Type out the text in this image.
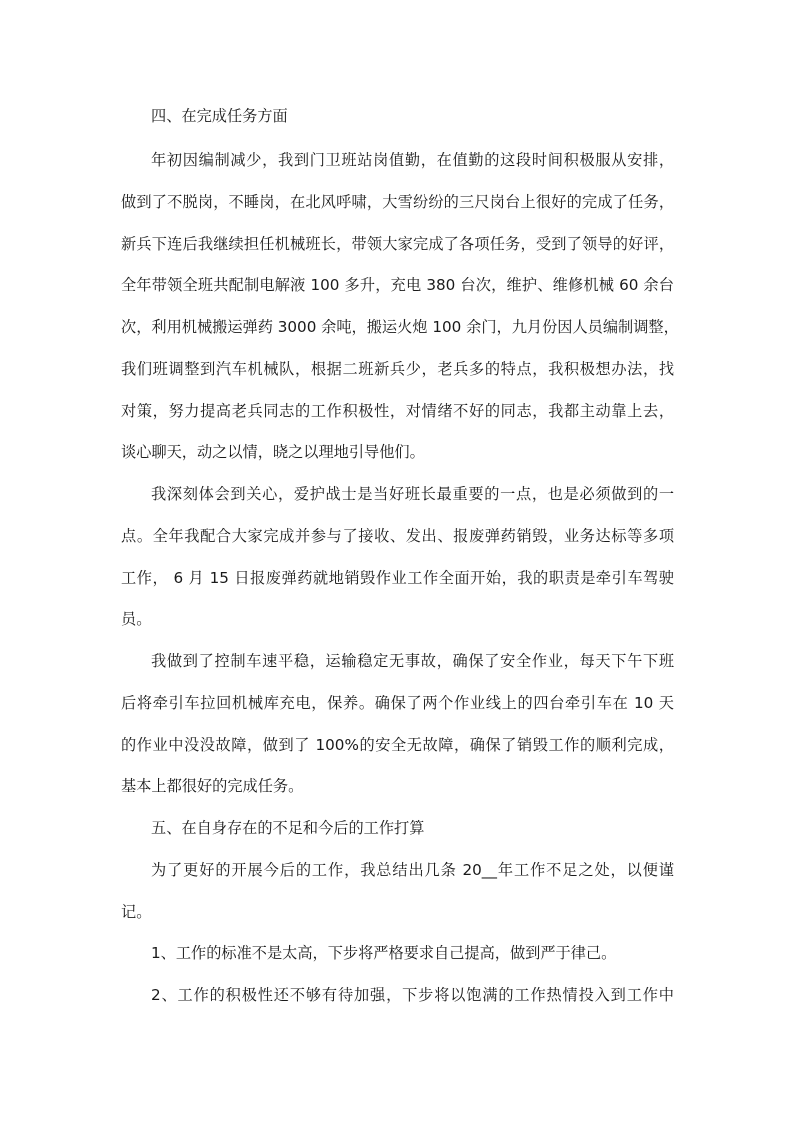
四、在完成任务方面
年初因编制减少，我到门卫班站岗值勤，在值勤的这段时间积极服从安排，
做到了不脱岗，不睡岗，在北风呼啸，大雪纷纷的三尺岗台上很好的完成了任务，
新兵下连后我继续担任机械班长，带领大家完成了各项任务，受到了领导的好评，
全年带领全班共配制电解液 100 多升，充电 380 台次，维护、维修机械 60 余台
次，利用机械搬运弹药 3000 余吨，搬运火炮 100 余门，九月份因人员编制调整，
我们班调整到汽车机械队，根据二班新兵少，老兵多的特点，我积极想办法，找
对策，努力提高老兵同志的工作积极性，对情绪不好的同志，我都主动靠上去，
谈心聊天，动之以情，晓之以理地引导他们。
我深刻体会到关心，爱护战士是当好班长最重要的一点，也是必须做到的一
点。全年我配合大家完成并参与了接收、发出、报废弹药销毁，业务达标等多项
工作， 6 月 15 日报废弹药就地销毁作业工作全面开始，我的职责是牵引车驾驶
员。
我做到了控制车速平稳，运输稳定无事故，确保了安全作业，每天下午下班
后将牵引车拉回机械库充电，保养。确保了两个作业线上的四台牵引车在 10 天
的作业中没没故障，做到了 100%的安全无故障，确保了销毁工作的顺利完成，
基本上都很好的完成任务。
五、在自身存在的不足和今后的工作打算
为了更好的开展今后的工作，我总结出几条 20__年工作不足之处，以便谨
记。
1、工作的标准不是太高，下步将严格要求自己提高，做到严于律己。
2、工作的积极性还不够有待加强，下步将以饱满的工作热情投入到工作中
